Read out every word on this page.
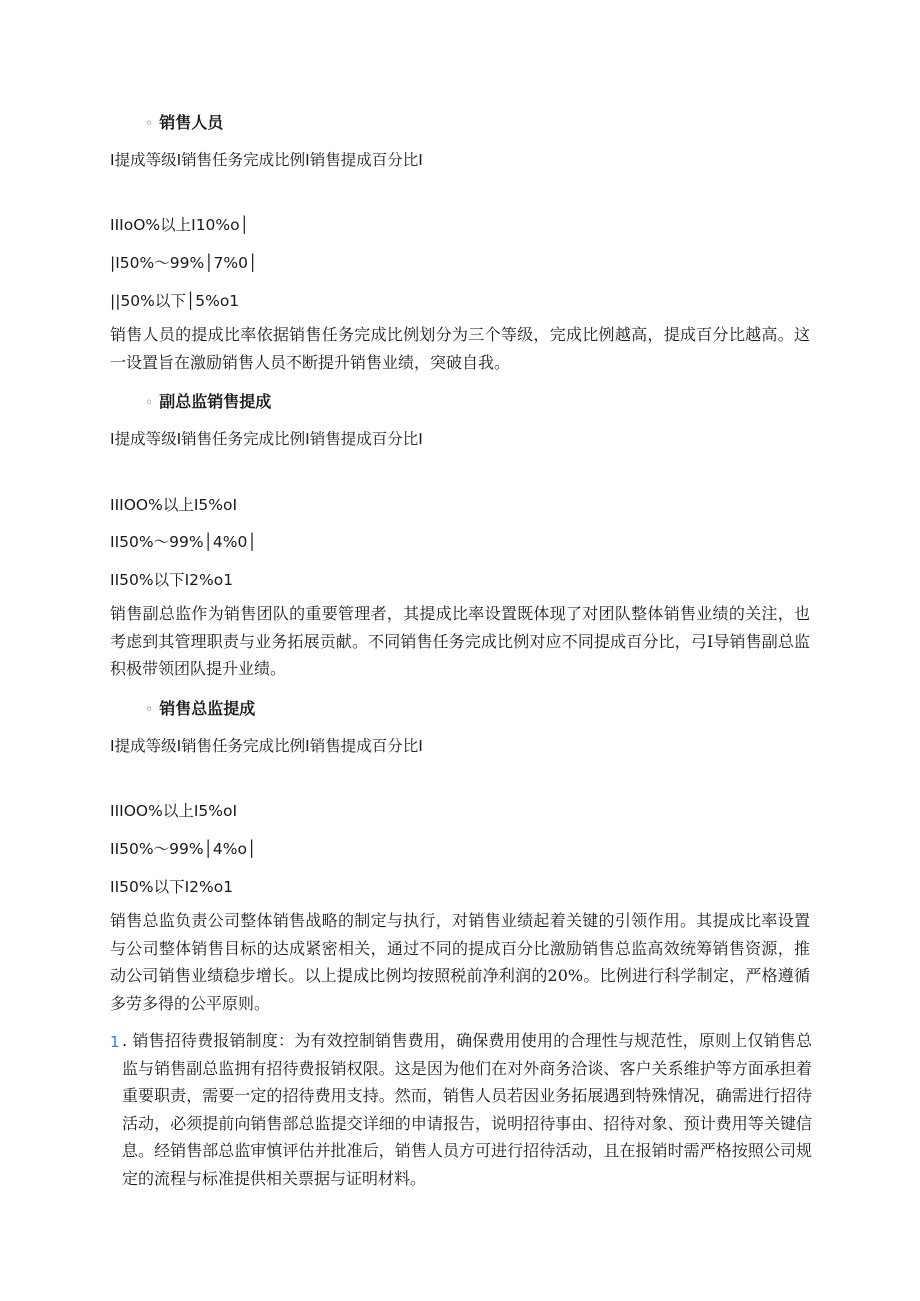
◦ 销售人员
I提成等级I销售任务完成比例I销售提成百分比I
IIIoO%以上I10%o│
|I50%〜99%│7%0│
||50%以下│5%o1
销售人员的提成比率依据销售任务完成比例划分为三个等级，完成比例越高，提成百分比越高。这一设置旨在激励销售人员不断提升销售业绩，突破自我。
◦ 副总监销售提成
I提成等级I销售任务完成比例I销售提成百分比I
IIIOO%以上I5%oI
II50%〜99%│4%0│
II50%以下I2%o1
销售副总监作为销售团队的重要管理者，其提成比率设置既体现了对团队整体销售业绩的关注，也考虑到其管理职责与业务拓展贡献。不同销售任务完成比例对应不同提成百分比，弓I导销售副总监积极带领团队提升业绩。
◦ 销售总监提成
I提成等级I销售任务完成比例I销售提成百分比I
IIIOO%以上I5%oI
II50%〜99%│4%o│
II50%以下I2%o1
销售总监负责公司整体销售战略的制定与执行，对销售业绩起着关键的引领作用。其提成比率设置与公司整体销售目标的达成紧密相关，通过不同的提成百分比激励销售总监高效统筹销售资源，推动公司销售业绩稳步增长。以上提成比例均按照税前净利润的20%。比例进行科学制定，严格遵循多劳多得的公平原则。
1 . 销售招待费报销制度：为有效控制销售费用，确保费用使用的合理性与规范性，原则上仅销售总监与销售副总监拥有招待费报销权限。这是因为他们在对外商务洽谈、客户关系维护等方面承担着重要职责，需要一定的招待费用支持。然而，销售人员若因业务拓展遇到特殊情况，确需进行招待活动，必须提前向销售部总监提交详细的申请报告，说明招待事由、招待对象、预计费用等关键信息。经销售部总监审慎评估并批准后，销售人员方可进行招待活动，且在报销时需严格按照公司规定的流程与标准提供相关票据与证明材料。
